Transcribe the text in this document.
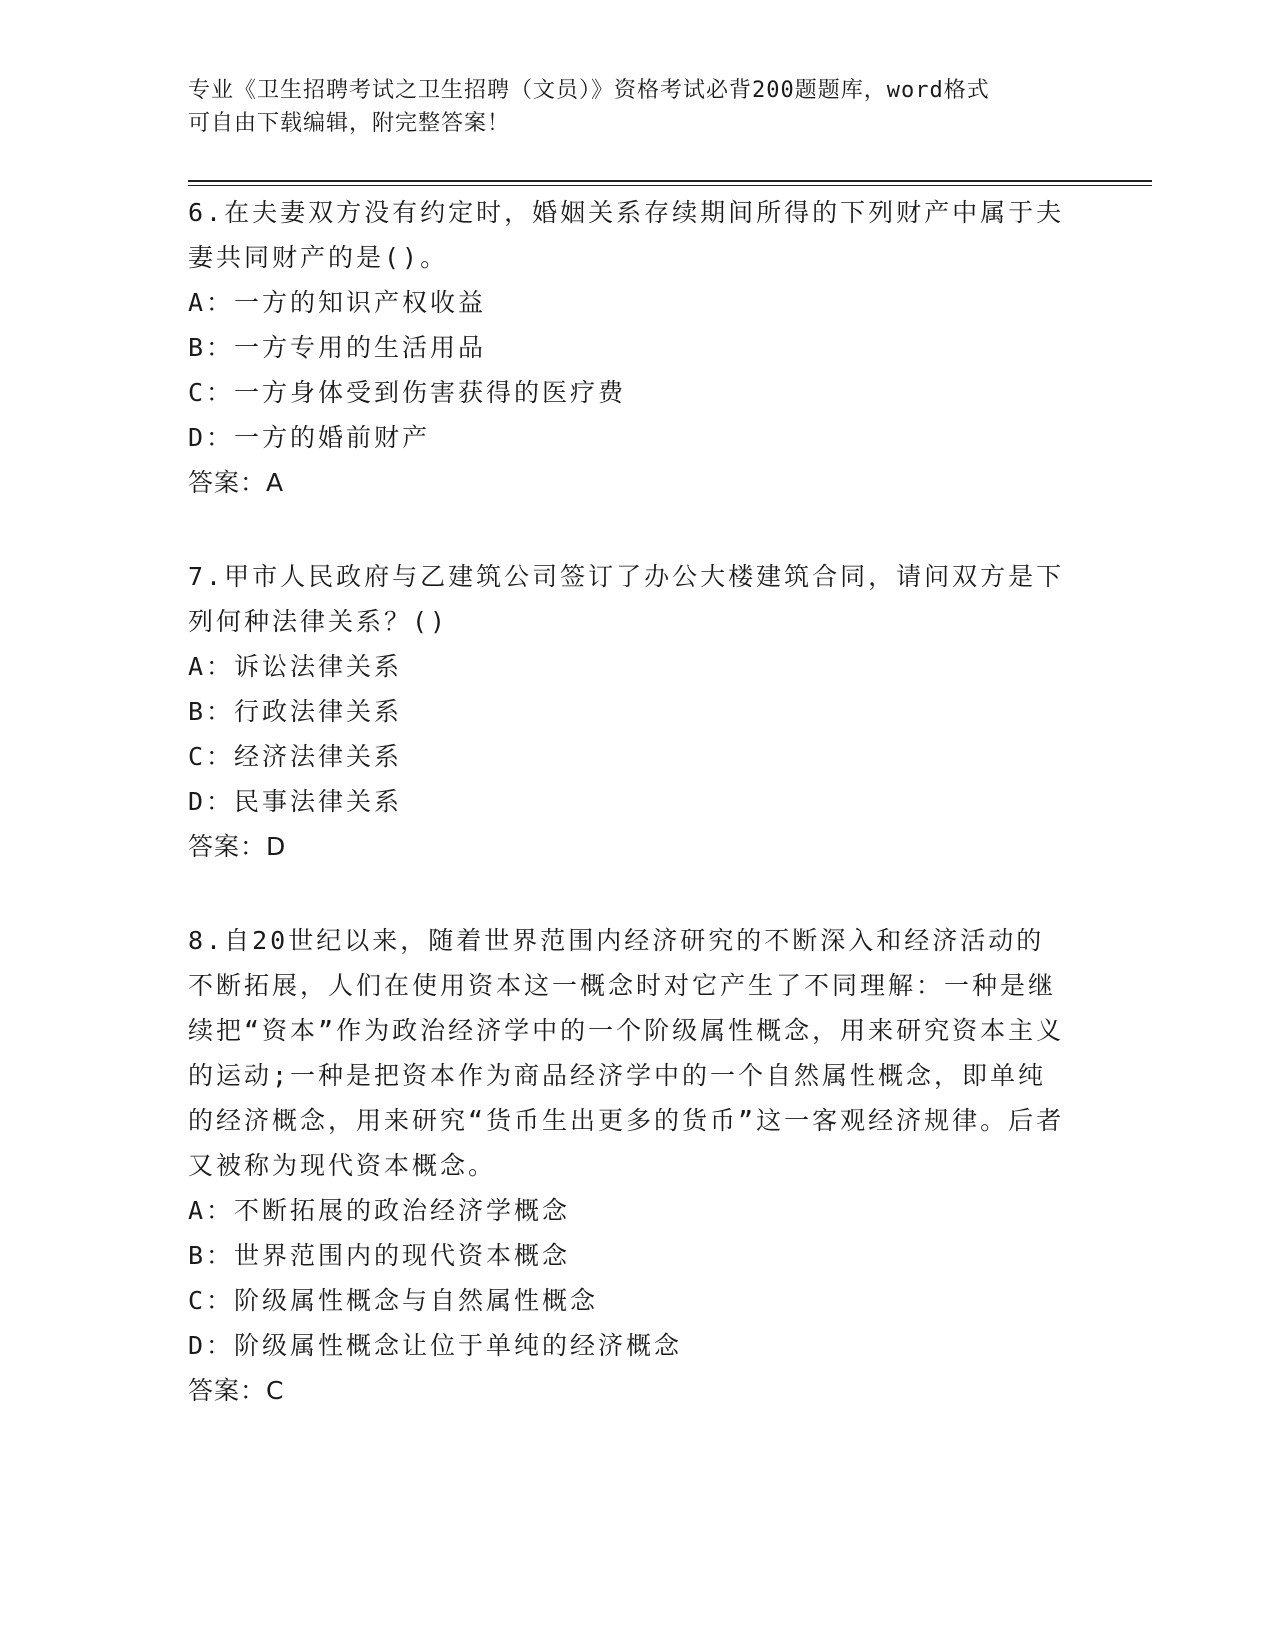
专业《卫生招聘考试之卫生招聘（文员）》资格考试必背200题题库，word格式
可自由下载编辑，附完整答案！

6.在夫妻双方没有约定时，婚姻关系存续期间所得的下列财产中属于夫妻共同财产的是()。

A：一方的知识产权收益

B：一方专用的生活用品

C：一方身体受到伤害获得的医疗费

D：一方的婚前财产

答案：A

7.甲市人民政府与乙建筑公司签订了办公大楼建筑合同，请问双方是下列何种法律关系？()

A：诉讼法律关系

B：行政法律关系

C：经济法律关系

D：民事法律关系

答案：D

8.自20世纪以来，随着世界范围内经济研究的不断深入和经济活动的不断拓展，人们在使用资本这一概念时对它产生了不同理解：一种是继续把“资本”作为政治经济学中的一个阶级属性概念，用来研究资本主义的运动;一种是把资本作为商品经济学中的一个自然属性概念，即单纯的经济概念，用来研究“货币生出更多的货币”这一客观经济规律。后者又被称为现代资本概念。

A：不断拓展的政治经济学概念

B：世界范围内的现代资本概念

C：阶级属性概念与自然属性概念

D：阶级属性概念让位于单纯的经济概念

答案：C
